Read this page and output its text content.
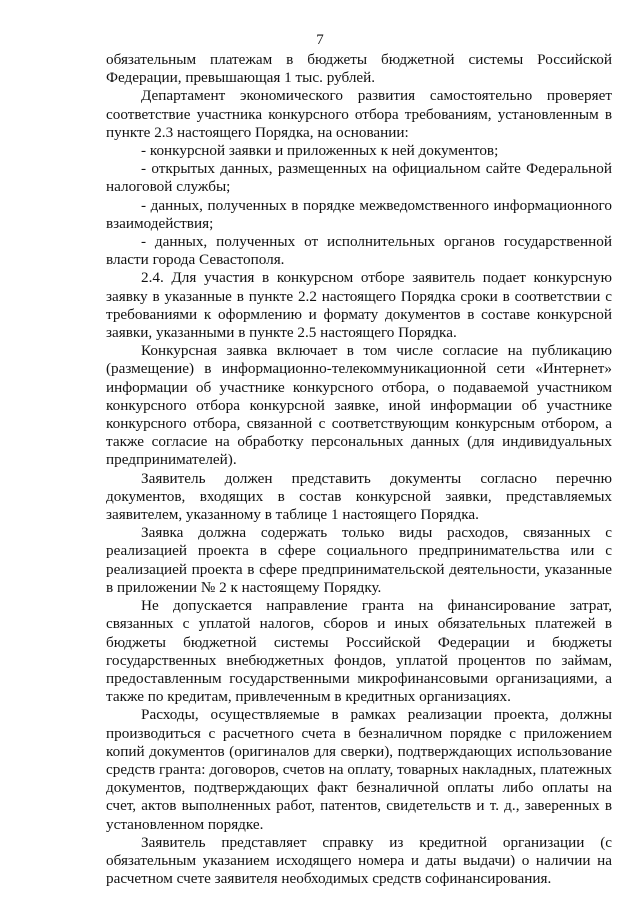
7

обязательным платежам в бюджеты бюджетной системы Российской Федерации, превышающая 1 тыс. рублей.

Департамент экономического развития самостоятельно проверяет соответствие участника конкурсного отбора требованиям, установленным в пункте 2.3 настоящего Порядка, на основании:

- конкурсной заявки и приложенных к ней документов;

- открытых данных, размещенных на официальном сайте Федеральной налоговой службы;

- данных, полученных в порядке межведомственного информационного взаимодействия;

- данных, полученных от исполнительных органов государственной власти города Севастополя.

2.4. Для участия в конкурсном отборе заявитель подает конкурсную заявку в указанные в пункте 2.2 настоящего Порядка сроки в соответствии с требованиями к оформлению и формату документов в составе конкурсной заявки, указанными в пункте 2.5 настоящего Порядка.

Конкурсная заявка включает в том числе согласие на публикацию (размещение) в информационно-телекоммуникационной сети «Интернет» информации об участнике конкурсного отбора, о подаваемой участником конкурсного отбора конкурсной заявке, иной информации об участнике конкурсного отбора, связанной с соответствующим конкурсным отбором, а также согласие на обработку персональных данных (для индивидуальных предпринимателей).

Заявитель должен представить документы согласно перечню документов, входящих в состав конкурсной заявки, представляемых заявителем, указанному в таблице 1 настоящего Порядка.

Заявка должна содержать только виды расходов, связанных с реализацией проекта в сфере социального предпринимательства или с реализацией проекта в сфере предпринимательской деятельности, указанные в приложении № 2 к настоящему Порядку.

Не допускается направление гранта на финансирование затрат, связанных с уплатой налогов, сборов и иных обязательных платежей в бюджеты бюджетной системы Российской Федерации и бюджеты государственных внебюджетных фондов, уплатой процентов по займам, предоставленным государственными микрофинансовыми организациями, а также по кредитам, привлеченным в кредитных организациях.

Расходы, осуществляемые в рамках реализации проекта, должны производиться с расчетного счета в безналичном порядке с приложением копий документов (оригиналов для сверки), подтверждающих использование средств гранта: договоров, счетов на оплату, товарных накладных, платежных документов, подтверждающих факт безналичной оплаты либо оплаты на счет, актов выполненных работ, патентов, свидетельств и т. д., заверенных в установленном порядке.

Заявитель представляет справку из кредитной организации (с обязательным указанием исходящего номера и даты выдачи) о наличии на расчетном счете заявителя необходимых средств софинансирования.
